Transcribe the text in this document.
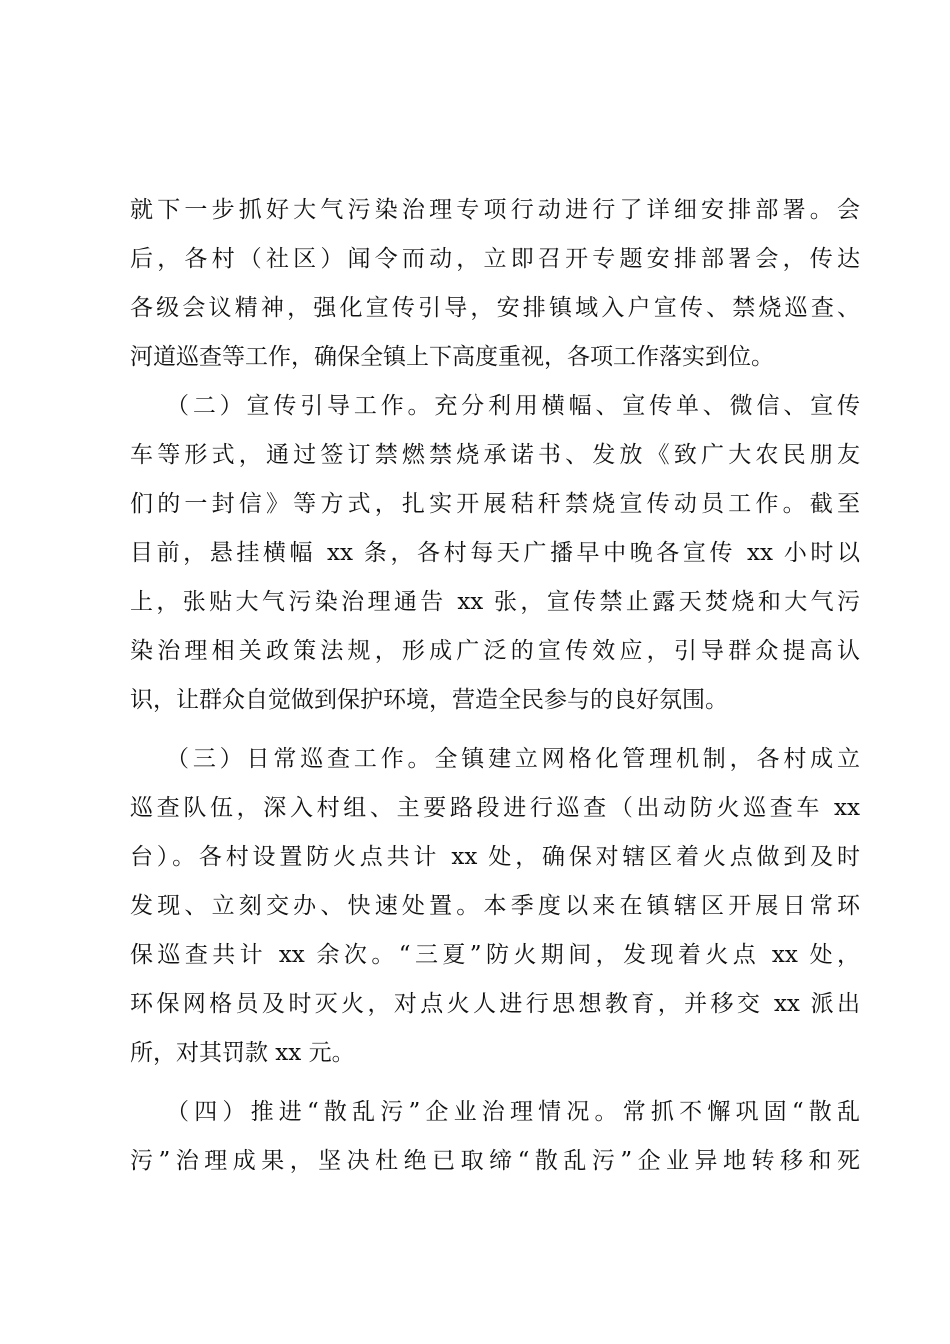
就下一步抓好大气污染治理专项行动进行了详细安排部署。会
后，各村（社区）闻令而动，立即召开专题安排部署会，传达
各级会议精神，强化宣传引导，安排镇域入户宣传、禁烧巡查、
河道巡查等工作，确保全镇上下高度重视，各项工作落实到位。
（二）宣传引导工作。充分利用横幅、宣传单、微信、宣传
车等形式，通过签订禁燃禁烧承诺书、发放《致广大农民朋友
们的一封信》等方式，扎实开展秸秆禁烧宣传动员工作。截至
目前，悬挂横幅 xx 条，各村每天广播早中晚各宣传 xx 小时以
上，张贴大气污染治理通告 xx 张，宣传禁止露天焚烧和大气污
染治理相关政策法规，形成广泛的宣传效应，引导群众提高认
识，让群众自觉做到保护环境，营造全民参与的良好氛围。
（三）日常巡查工作。全镇建立网格化管理机制，各村成立
巡查队伍，深入村组、主要路段进行巡查（出动防火巡查车 xx
台）。各村设置防火点共计 xx 处，确保对辖区着火点做到及时
发现、立刻交办、快速处置。本季度以来在镇辖区开展日常环
保巡查共计 xx 余次。“三夏”防火期间，发现着火点 xx 处，
环保网格员及时灭火，对点火人进行思想教育，并移交 xx 派出
所，对其罚款 xx 元。
（四）推进“散乱污”企业治理情况。常抓不懈巩固“散乱
污”治理成果，坚决杜绝已取缔“散乱污”企业异地转移和死
